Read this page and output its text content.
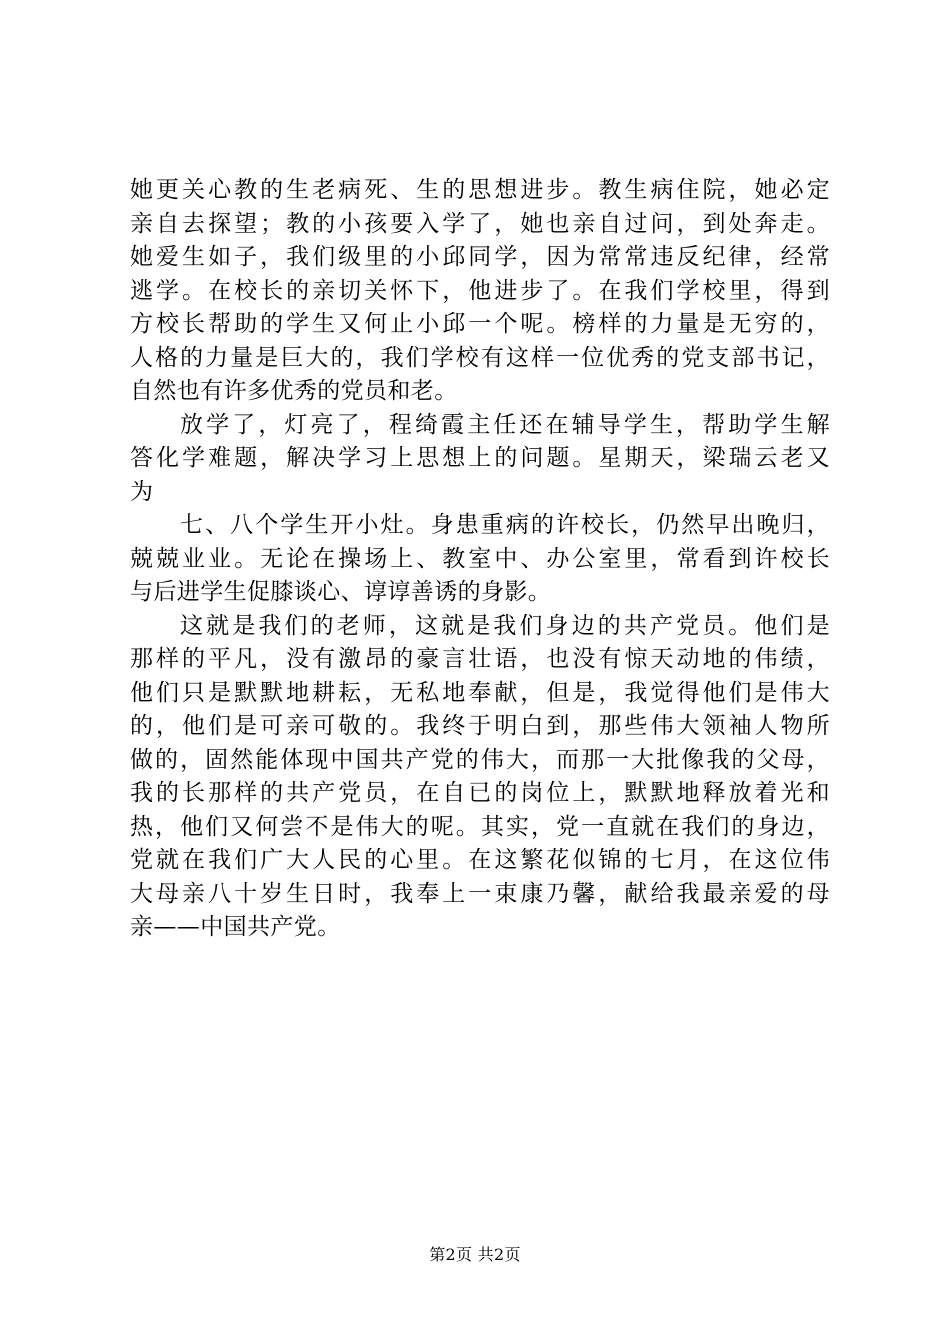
她更关心教的生老病死、生的思想进步。教生病住院，她必定
亲自去探望；教的小孩要入学了，她也亲自过问，到处奔走。
她爱生如子，我们级里的小邱同学，因为常常违反纪律，经常
逃学。在校长的亲切关怀下，他进步了。在我们学校里，得到
方校长帮助的学生又何止小邱一个呢。榜样的力量是无穷的，
人格的力量是巨大的，我们学校有这样一位优秀的党支部书记，
自然也有许多优秀的党员和老。
放学了，灯亮了，程绮霞主任还在辅导学生，帮助学生解
答化学难题，解决学习上思想上的问题。星期天，梁瑞云老又
为
七、八个学生开小灶。身患重病的许校长，仍然早出晚归，
兢兢业业。无论在操场上、教室中、办公室里，常看到许校长
与后进学生促膝谈心、谆谆善诱的身影。
这就是我们的老师，这就是我们身边的共产党员。他们是
那样的平凡，没有激昂的豪言壮语，也没有惊天动地的伟绩，
他们只是默默地耕耘，无私地奉献，但是，我觉得他们是伟大
的，他们是可亲可敬的。我终于明白到，那些伟大领袖人物所
做的，固然能体现中国共产党的伟大，而那一大批像我的父母，
我的长那样的共产党员，在自已的岗位上，默默地释放着光和
热，他们又何尝不是伟大的呢。其实，党一直就在我们的身边，
党就在我们广大人民的心里。在这繁花似锦的七月，在这位伟
大母亲八十岁生日时，我奉上一束康乃馨，献给我最亲爱的母
亲——中国共产党。
第2页 共2页
